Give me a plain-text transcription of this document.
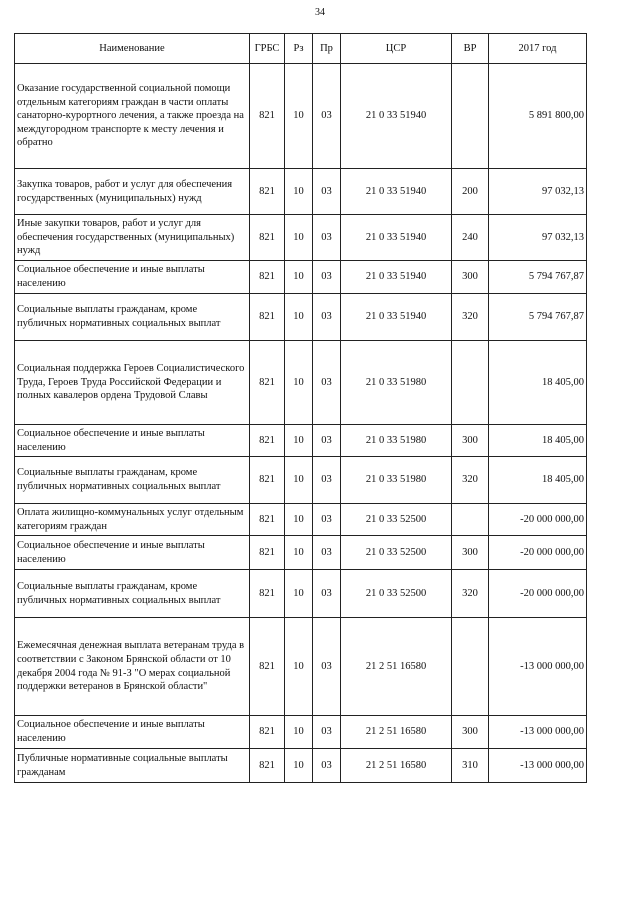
34
Наименование	ГРБС	Рз	Пр	ЦСР	ВР	2017 год
Оказание государственной социальной помощи отдельным категориям граждан в части оплаты санаторно-курортного лечения, а также проезда на междугородном транспорте к месту лечения и обратно	821	10	03	21 0 33 51940		5 891 800,00
Закупка товаров, работ и услуг для обеспечения государственных (муниципальных) нужд	821	10	03	21 0 33 51940	200	97 032,13
Иные закупки товаров, работ и услуг для обеспечения государственных (муниципальных) нужд	821	10	03	21 0 33 51940	240	97 032,13
Социальное обеспечение и иные выплаты населению	821	10	03	21 0 33 51940	300	5 794 767,87
Социальные выплаты гражданам, кроме публичных нормативных социальных выплат	821	10	03	21 0 33 51940	320	5 794 767,87
Социальная поддержка Героев Социалистического Труда, Героев Труда Российской Федерации и полных кавалеров ордена Трудовой Славы	821	10	03	21 0 33 51980		18 405,00
Социальное обеспечение и иные выплаты населению	821	10	03	21 0 33 51980	300	18 405,00
Социальные выплаты гражданам, кроме публичных нормативных социальных выплат	821	10	03	21 0 33 51980	320	18 405,00
Оплата жилищно-коммунальных услуг отдельным категориям граждан	821	10	03	21 0 33 52500		-20 000 000,00
Социальное обеспечение и иные выплаты населению	821	10	03	21 0 33 52500	300	-20 000 000,00
Социальные выплаты гражданам, кроме публичных нормативных социальных выплат	821	10	03	21 0 33 52500	320	-20 000 000,00
Ежемесячная денежная выплата ветеранам труда в соответствии с Законом Брянской области от 10 декабря 2004 года № 91-З "О мерах социальной поддержки ветеранов в Брянской области"	821	10	03	21 2 51 16580		-13 000 000,00
Социальное обеспечение и иные выплаты населению	821	10	03	21 2 51 16580	300	-13 000 000,00
Публичные нормативные социальные выплаты гражданам	821	10	03	21 2 51 16580	310	-13 000 000,00
